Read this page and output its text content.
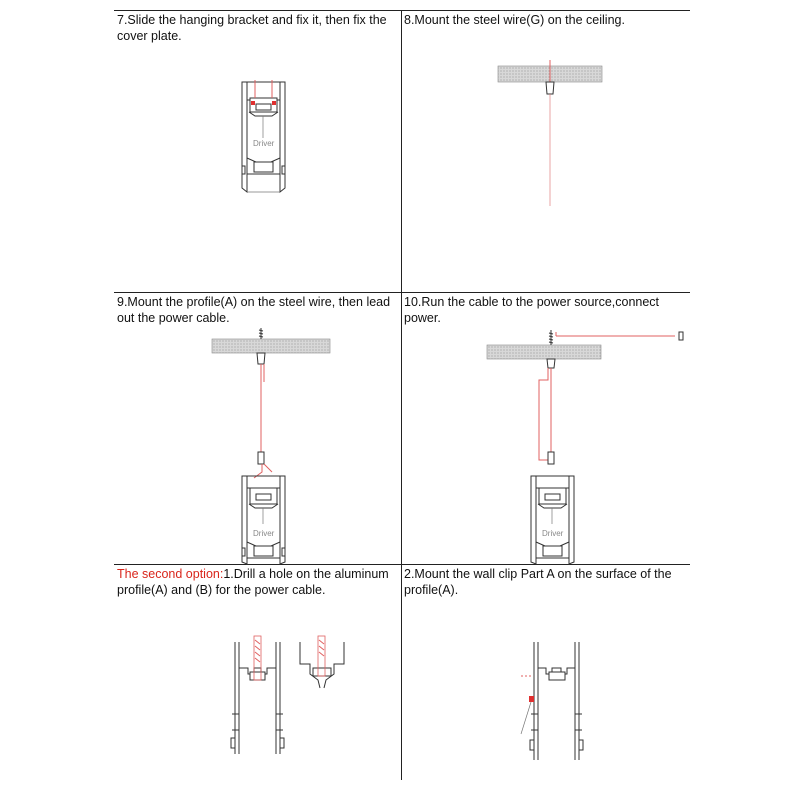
7.Slide the hanging bracket and fix it, then fix the cover plate.
Driver
8.Mount the steel wire(G) on the ceiling.
9.Mount the profile(A) on the steel wire, then lead out the power cable.
Driver
10.Run the cable to the power source,connect power.
Driver
The second option:1.Drill a hole on the aluminum profile(A) and (B) for the power cable.
2.Mount the wall clip Part A on the surface of the profile(A).
